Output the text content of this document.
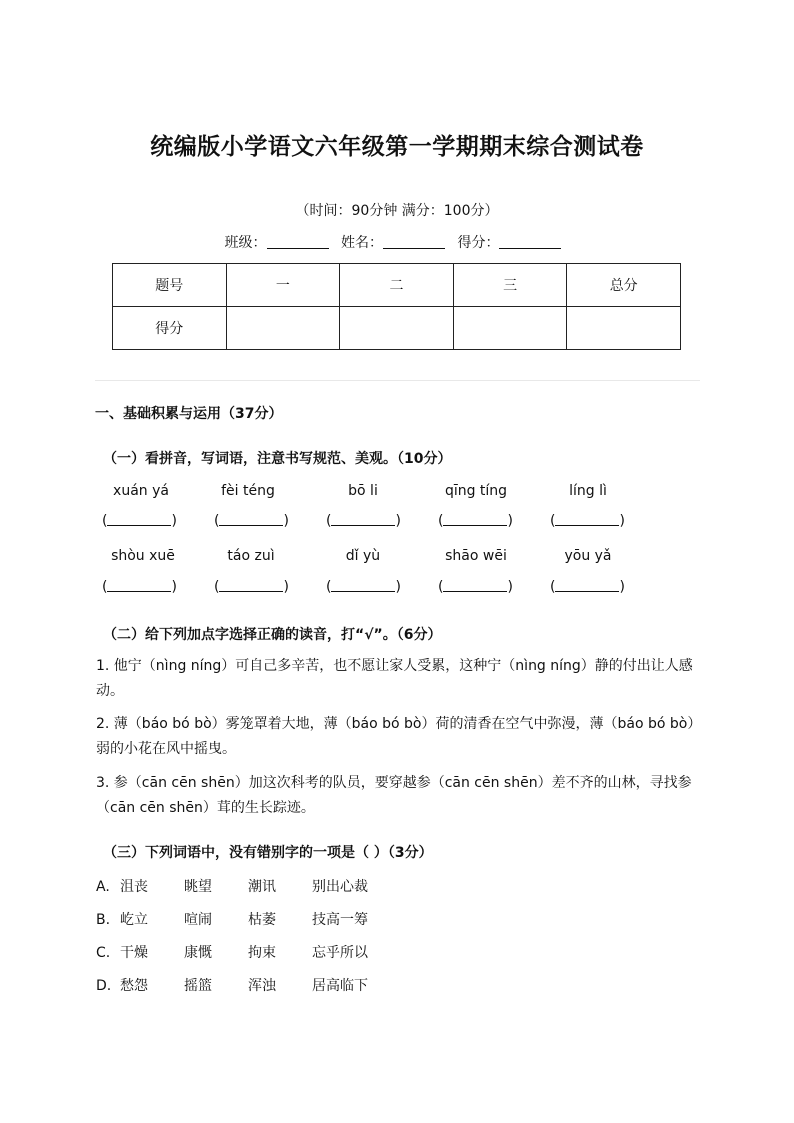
统编版小学语文六年级第一学期期末综合测试卷
（时间：90分钟 满分：100分）
班级：	姓名：	得分：
题号	一	二	三	总分
得分				
一、基础积累与运用（37分）
（一）看拼音，写词语，注意书写规范、美观。（10分）
xuán yá	fèi téng	bō li	qīng tíng	líng lì
(	)	(	)	(	)	(	)	(	)
shòu xuē	táo zuì	dǐ yù	shāo wēi	yōu yǎ
(	)	(	)	(	)	(	)	(	)
（二）给下列加点字选择正确的读音，打“√”。（6分）
1. 他宁（nìng níng）可自己多辛苦，也不愿让家人受累，这种宁（nìng níng）静的付出让人感动。
2. 薄（báo bó bò）雾笼罩着大地，薄（báo bó bò）荷的清香在空气中弥漫，薄（báo bó bò）弱的小花在风中摇曳。
3. 参（cān cēn shēn）加这次科考的队员，要穿越参（cān cēn shēn）差不齐的山林，寻找参（cān cēn shēn）茸的生长踪迹。
（三）下列词语中，没有错别字的一项是（ ）（3分）
A. 沮丧	眺望	潮讯	别出心裁
B. 屹立	喧闹	枯萎	技高一筹
C. 干燥	康慨	拘束	忘乎所以
D. 愁怨	摇篮	浑浊	居高临下
